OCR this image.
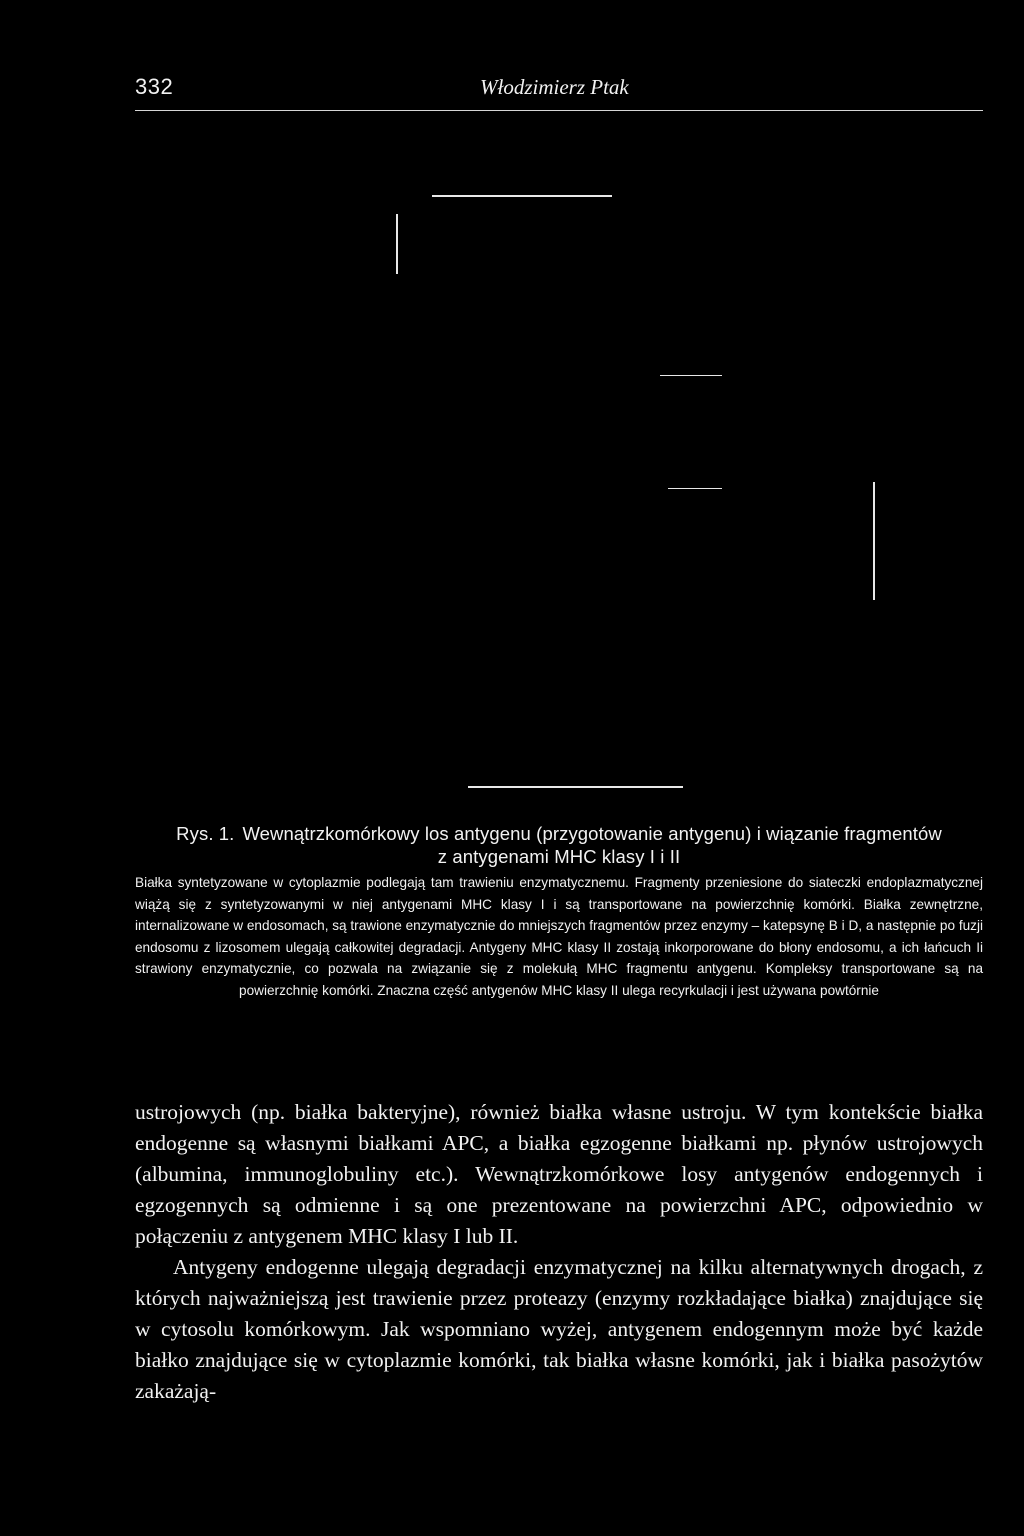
332	Włodzimierz Ptak

Rys. 1. Wewnątrzkomórkowy los antygenu (przygotowanie antygenu) i wiązanie fragmentów
z antygenami MHC klasy I i II

Białka syntetyzowane w cytoplazmie podlegają tam trawieniu enzymatycznemu. Fragmenty przeniesione do siateczki endoplazmatycznej wiążą się z syntetyzowanymi w niej antygenami MHC klasy I i są transportowane na powierzchnię komórki. Białka zewnętrzne, internalizowane w endosomach, są trawione enzymatycznie do mniejszych fragmentów przez enzymy – katepsynę B i D, a następnie po fuzji endosomu z lizosomem ulegają całkowitej degradacji. Antygeny MHC klasy II zostają inkorporowane do błony endosomu, a ich łańcuch Ii strawiony enzymatycznie, co pozwala na związanie się z molekułą MHC fragmentu antygenu. Kompleksy transportowane są na powierzchnię komórki. Znaczna część antygenów MHC klasy II ulega recyrkulacji i jest używana powtórnie

ustrojowych (np. białka bakteryjne), również białka własne ustroju. W tym kontekście białka endogenne są własnymi białkami APC, a białka egzogenne białkami np. płynów ustrojowych (albumina, immunoglobuliny etc.). Wewnątrzkomórkowe losy antygenów endogennych i egzogennych są odmienne i są one prezentowane na powierzchni APC, odpowiednio w połączeniu z antygenem MHC klasy I lub II.

Antygeny endogenne ulegają degradacji enzymatycznej na kilku alternatywnych drogach, z których najważniejszą jest trawienie przez proteazy (enzymy rozkładające białka) znajdujące się w cytosolu komórkowym. Jak wspomniano wyżej, antygenem endogennym może być każde białko znajdujące się w cytoplazmie komórki, tak białka własne komórki, jak i białka pasożytów zakażają-
